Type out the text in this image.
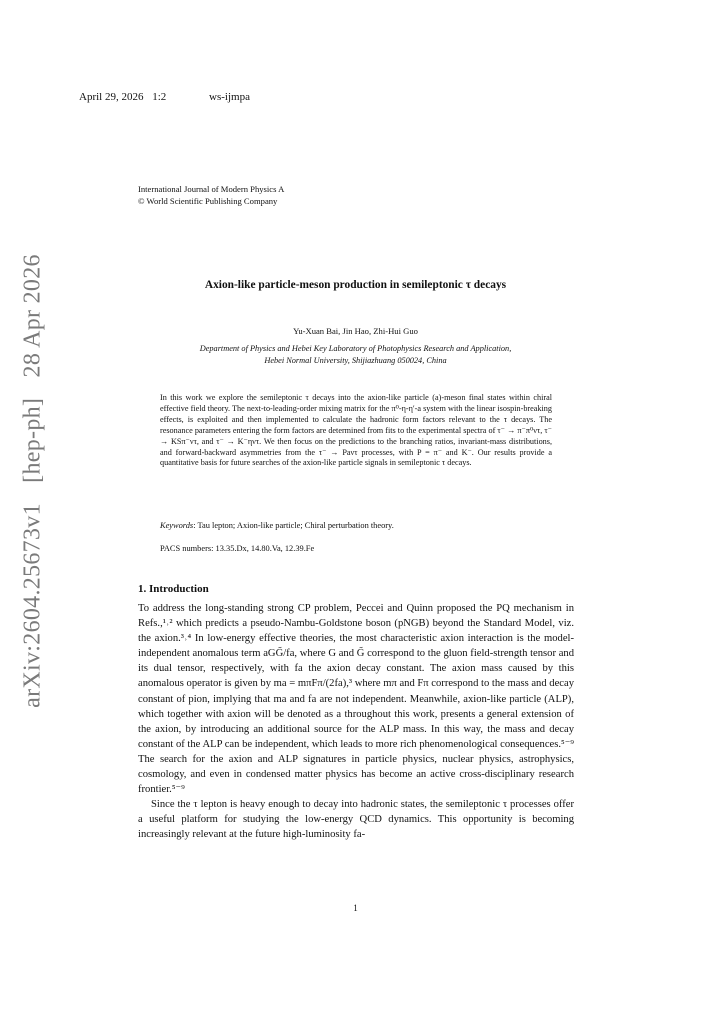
April 29, 2026 1:2	ws-ijmpa
International Journal of Modern Physics A
© World Scientific Publishing Company
arXiv:2604.25673v1 [hep-ph] 28 Apr 2026	Axion-like particle-meson production in semileptonic τ decays
Yu-Xuan Bai, Jin Hao, Zhi-Hui Guo
Department of Physics and Hebei Key Laboratory of Photophysics Research and Application,
Hebei Normal University, Shijiazhuang 050024, China
In this work we explore the semileptonic τ decays into the axion-like particle (a)-meson final states within chiral effective field theory. The next-to-leading-order mixing matrix for the π⁰-η-η′-a system with the linear isospin-breaking effects, is exploited and then implemented to calculate the hadronic form factors relevant to the τ decays. The resonance parameters entering the form factors are determined from fits to the experimental spectra of τ⁻ → π⁻π⁰ντ, τ⁻ → KSπ⁻ντ, and τ⁻ → K⁻ηντ. We then focus on the predictions to the branching ratios, invariant-mass distributions, and forward-backward asymmetries from the τ⁻ → Paντ processes, with P = π⁻ and K⁻. Our results provide a quantitative basis for future searches of the axion-like particle signals in semileptonic τ decays.
Keywords: Tau lepton; Axion-like particle; Chiral perturbation theory.
PACS numbers: 13.35.Dx, 14.80.Va, 12.39.Fe
1. Introduction

To address the long-standing strong CP problem, Peccei and Quinn proposed the PQ mechanism in Refs.,¹˒² which predicts a pseudo-Nambu-Goldstone boson (pNGB) beyond the Standard Model, viz. the axion.³˒⁴ In low-energy effective theories, the most characteristic axion interaction is the model-independent anomalous term aGG̃/fa, where G and G̃ correspond to the gluon field-strength tensor and its dual tensor, respectively, with fa the axion decay constant. The axion mass caused by this anomalous operator is given by ma = mπFπ/(2fa),³ where mπ and Fπ correspond to the mass and decay constant of pion, implying that ma and fa are not independent. Meanwhile, axion-like particle (ALP), which together with axion will be denoted as a throughout this work, presents a general extension of the axion, by introducing an additional source for the ALP mass. In this way, the mass and decay constant of the ALP can be independent, which leads to more rich phenomenological consequences.⁵⁻⁹ The search for the axion and ALP signatures in particle physics, nuclear physics, astrophysics, cosmology, and even in condensed matter physics has become an active cross-disciplinary research frontier.⁵⁻⁹

Since the τ lepton is heavy enough to decay into hadronic states, the semileptonic τ processes offer a useful platform for studying the low-energy QCD dynamics. This opportunity is becoming increasingly relevant at the future high-luminosity fa-

1
